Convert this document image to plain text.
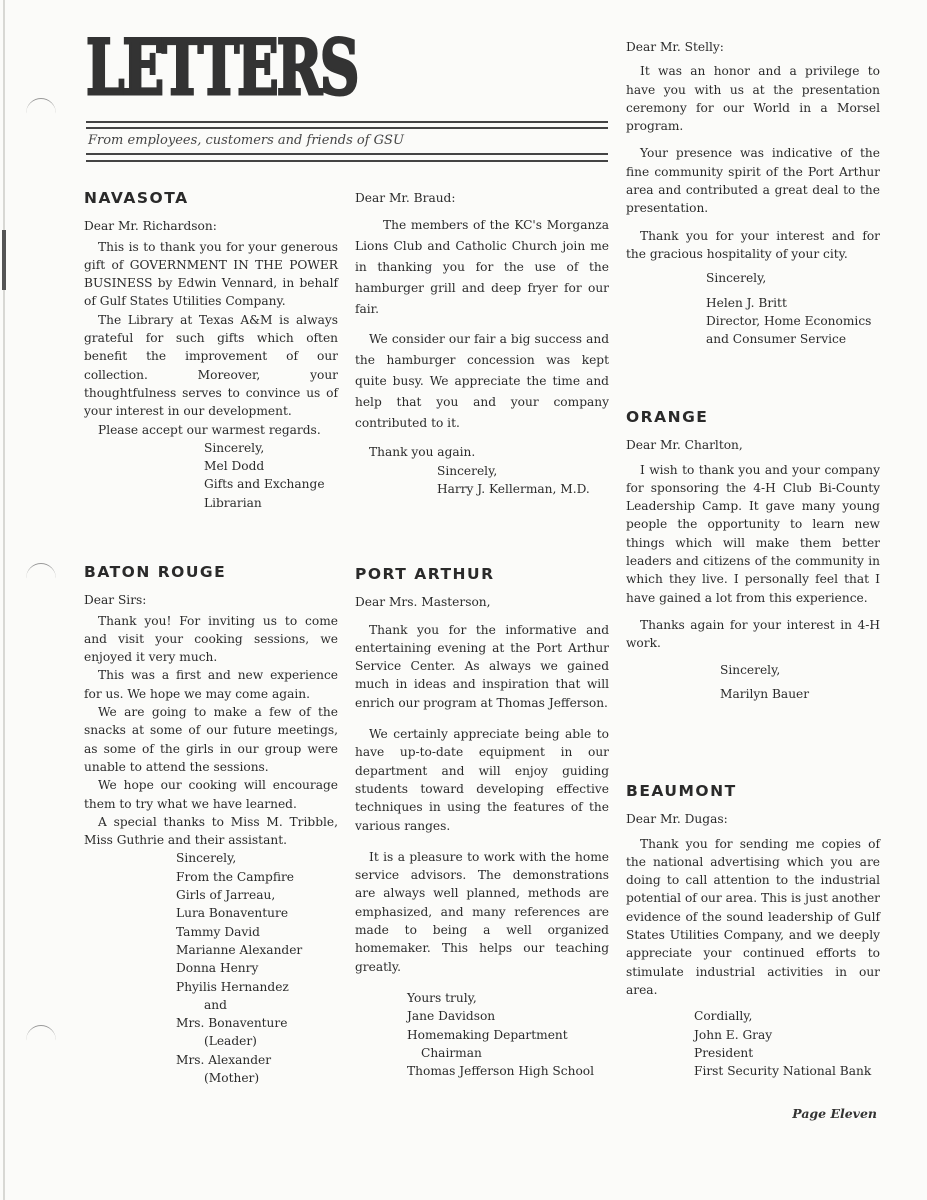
LETTERS
From employees, customers and friends of GSU
NAVASOTA
Dear Mr. Richardson:

This is to thank you for your generous gift of GOVERNMENT IN THE POWER BUSINESS by Edwin Vennard, in behalf of Gulf States Utilities Company.

The Library at Texas A&M is always grateful for such gifts which often benefit the improvement of our collection. Moreover, your thoughtfulness serves to convince us of your interest in our development.

Please accept our warmest regards.

Sincerely,
Mel Dodd
Gifts and Exchange
Librarian
Dear Mr. Braud:

The members of the KC's Morganza Lions Club and Catholic Church join me in thanking you for the use of the hamburger grill and deep fryer for our fair.

We consider our fair a big success and the hamburger concession was kept quite busy. We appreciate the time and help that you and your company contributed to it.

Thank you again.

Sincerely,
Harry J. Kellerman, M.D.
Dear Mr. Stelly:

It was an honor and a privilege to have you with us at the presentation ceremony for our World in a Morsel program.

Your presence was indicative of the fine community spirit of the Port Arthur area and contributed a great deal to the presentation.

Thank you for your interest and for the gracious hospitality of your city.

Sincerely,
Helen J. Britt
Director, Home Economics
and Consumer Service
ORANGE
Dear Mr. Charlton,

I wish to thank you and your company for sponsoring the 4-H Club Bi-County Leadership Camp. It gave many young people the opportunity to learn new things which will make them better leaders and citizens of the community in which they live. I personally feel that I have gained a lot from this experience.

Thanks again for your interest in 4-H work.

Sincerely,
Marilyn Bauer
BATON ROUGE
Dear Sirs:

Thank you! For inviting us to come and visit your cooking sessions, we enjoyed it very much.

This was a first and new experience for us. We hope we may come again.

We are going to make a few of the snacks at some of our future meetings, as some of the girls in our group were unable to attend the sessions.

We hope our cooking will encourage them to try what we have learned.

A special thanks to Miss M. Tribble, Miss Guthrie and their assistant.

Sincerely,
From the Campfire
Girls of Jarreau,
Lura Bonaventure
Tammy David
Marianne Alexander
Donna Henry
Phyilis Hernandez
and
Mrs. Bonaventure
(Leader)
Mrs. Alexander
(Mother)
PORT ARTHUR
Dear Mrs. Masterson,

Thank you for the informative and entertaining evening at the Port Arthur Service Center. As always we gained much in ideas and inspiration that will enrich our program at Thomas Jefferson.

We certainly appreciate being able to have up-to-date equipment in our department and will enjoy guiding students toward developing effective techniques in using the features of the various ranges.

It is a pleasure to work with the home service advisors. The demonstrations are always well planned, methods are emphasized, and many references are made to being a well organized homemaker. This helps our teaching greatly.

Yours truly,
Jane Davidson
Homemaking Department
Chairman
Thomas Jefferson High School
BEAUMONT
Dear Mr. Dugas:

Thank you for sending me copies of the national advertising which you are doing to call attention to the industrial potential of our area. This is just another evidence of the sound leadership of Gulf States Utilities Company, and we deeply appreciate your continued efforts to stimulate industrial activities in our area.

Cordially,
John E. Gray
President
First Security National Bank
Page Eleven
